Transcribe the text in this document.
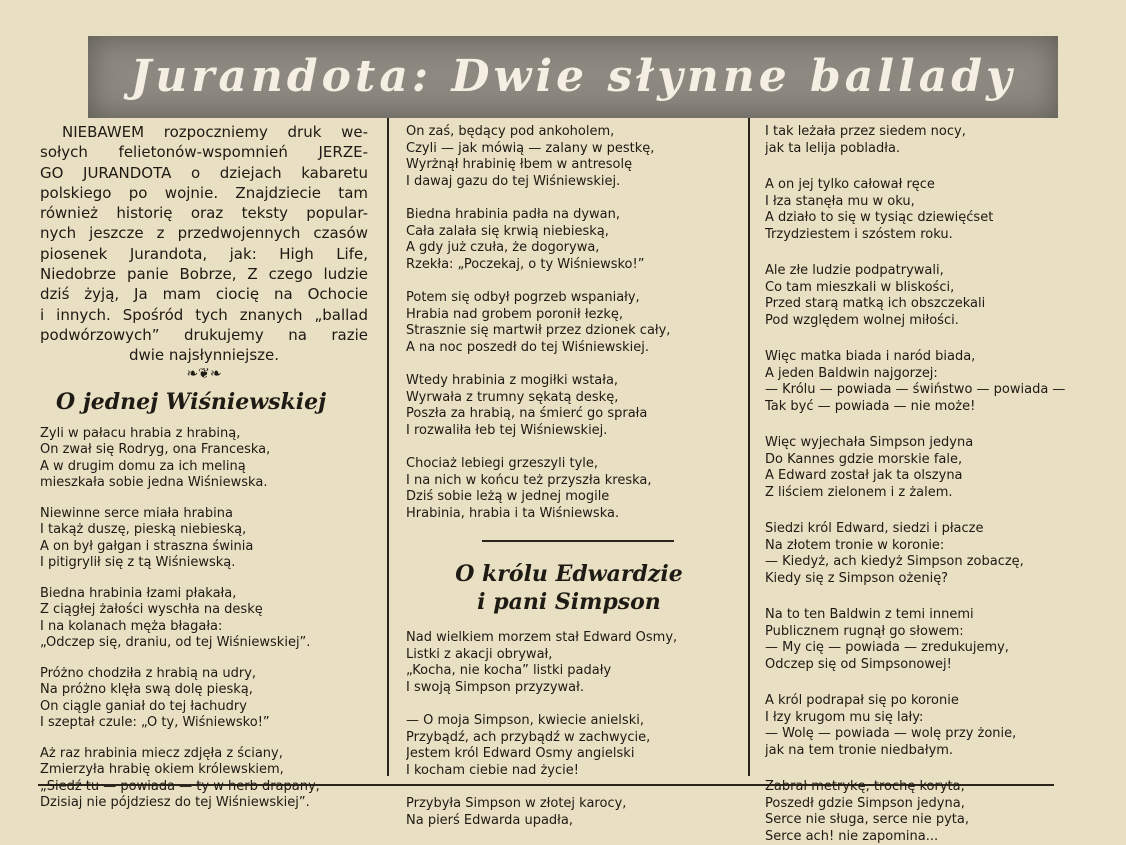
Jurandota: Dwie słynne ballady
NIEBAWEM rozpoczniemy druk we-
sołych felietonów-wspomnień JERZE-
GO JURANDOTA o dziejach kabaretu
polskiego po wojnie. Znajdziecie tam
również historię oraz teksty popular-
nych jeszcze z przedwojennych czasów
piosenek Jurandota, jak: High Life,
Niedobrze panie Bobrze, Z czego ludzie
dziś żyją, Ja mam ciocię na Ochocie
i innych. Spośród tych znanych „ballad
podwórzowych” drukujemy na razie
dwie najsłynniejsze.
❧❦❧
O jednej Wiśniewskiej
Żyli w pałacu hrabia z hrabiną,
On zwał się Rodryg, ona Franceska,
A w drugim domu za ich meliną
mieszkała sobie jedna Wiśniewska.
Niewinne serce miała hrabina
I takąż duszę, pieską niebieską,
A on był gałgan i straszna świnia
I pitigrylił się z tą Wiśniewską.
Biedna hrabinia łzami płakała,
Z ciągłej żałości wyschła na deskę
I na kolanach męża błagała:
„Odczep się, draniu, od tej Wiśniewskiej”.
Próżno chodziła z hrabią na udry,
Na próżno klęła swą dolę pieską,
On ciągle ganiał do tej łachudry
I szeptał czule: „O ty, Wiśniewsko!”
Aż raz hrabinia miecz zdjęła z ściany,
Zmierzyła hrabię okiem królewskiem,
„Siedź tu — powiada — ty w herb drapany,
Dzisiaj nie pójdziesz do tej Wiśniewskiej”.
On zaś, będący pod ankoholem,
Czyli — jak mówią — zalany w pestkę,
Wyrżnął hrabinię łbem w antresolę
I dawaj gazu do tej Wiśniewskiej.
Biedna hrabinia padła na dywan,
Cała zalała się krwią niebieską,
A gdy już czuła, że dogorywa,
Rzekła: „Poczekaj, o ty Wiśniewsko!”
Potem się odbył pogrzeb wspaniały,
Hrabia nad grobem poronił łezkę,
Strasznie się martwił przez dzionek cały,
A na noc poszedł do tej Wiśniewskiej.
Wtedy hrabinia z mogiłki wstała,
Wyrwała z trumny sękatą deskę,
Poszła za hrabią, na śmierć go sprała
I rozwaliła łeb tej Wiśniewskiej.
Chociaż lebiegi grzeszyli tyle,
I na nich w końcu też przyszła kreska,
Dziś sobie leżą w jednej mogile
Hrabinia, hrabia i ta Wiśniewska.
O królu Edwardzie
i pani Simpson
Nad wielkiem morzem stał Edward Ósmy,
Listki z akacji obrywał,
„Kocha, nie kocha” listki padały
I swoją Simpson przyzywał.
— O moja Simpson, kwiecie anielski,
Przybądź, ach przybądź w zachwycie,
Jestem król Edward Ósmy angielski
I kocham ciebie nad życie!
Przybyła Simpson w złotej karocy,
Na pierś Edwarda upadła,
I tak leżała przez siedem nocy,
jak ta lelija pobladła.
A on jej tylko całował ręce
I łza stanęła mu w oku,
A działo to się w tysiąc dziewięćset
Trzydziestem i szóstem roku.
Ale złe ludzie podpatrywali,
Co tam mieszkali w bliskości,
Przed starą matką ich obszczekali
Pod względem wolnej miłości.
Więc matka biada i naród biada,
A jeden Baldwin najgorzej:
— Królu — powiada — świństwo — powiada —
Tak być — powiada — nie może!
Więc wyjechała Simpson jedyna
Do Kannes gdzie morskie fale,
A Edward został jak ta olszyna
Z liściem zielonem i z żalem.
Siedzi król Edward, siedzi i płacze
Na złotem tronie w koronie:
— Kiedyż, ach kiedyż Simpson zobaczę,
Kiedy się z Simpson ożenię?
Na to ten Baldwin z temi innemi
Publicznem rugnął go słowem:
— My cię — powiada — zredukujemy,
Odczep się od Simpsonowej!
A król podrapał się po koronie
I łzy krugom mu się lały:
— Wolę — powiada — wolę przy żonie,
jak na tem tronie niedbałym.
Zabrał metrykę, trochę koryta,
Poszedł gdzie Simpson jedyna,
Serce nie sługa, serce nie pyta,
Serce ach! nie zapomina...
